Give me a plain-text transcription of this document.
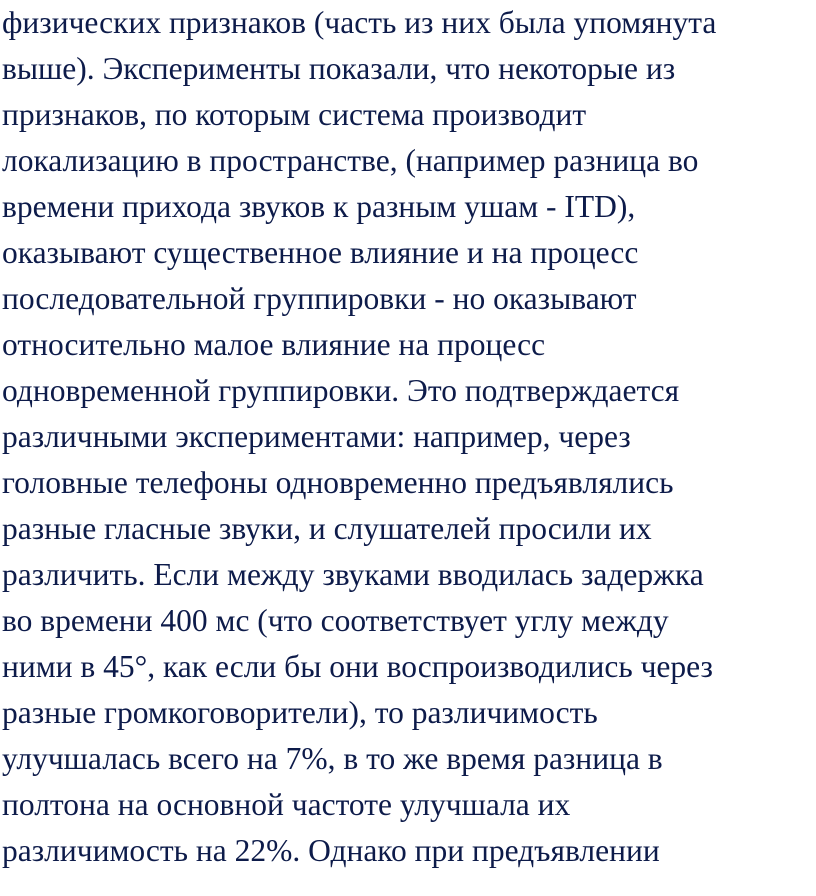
физических признаков (часть из них была упомянута
выше). Эксперименты показали, что некоторые из
признаков, по которым система производит
локализацию в пространстве, (например разница во
времени прихода звуков к разным ушам - ITD),
оказывают существенное влияние и на процесс
последовательной группировки - но оказывают
относительно малое влияние на процесс
одновременной группировки. Это подтверждается
различными экспериментами: например, через
головные телефоны одновременно предъявлялись
разные гласные звуки, и слушателей просили их
различить. Если между звуками вводилась задержка
во времени 400 мс (что соответствует углу между
ними в 45°, как если бы они воспроизводились через
разные громкоговорители), то различимость
улучшалась всего на 7%, в то же время разница в
полтона на основной частоте улучшала их
различимость на 22%. Однако при предъявлении
